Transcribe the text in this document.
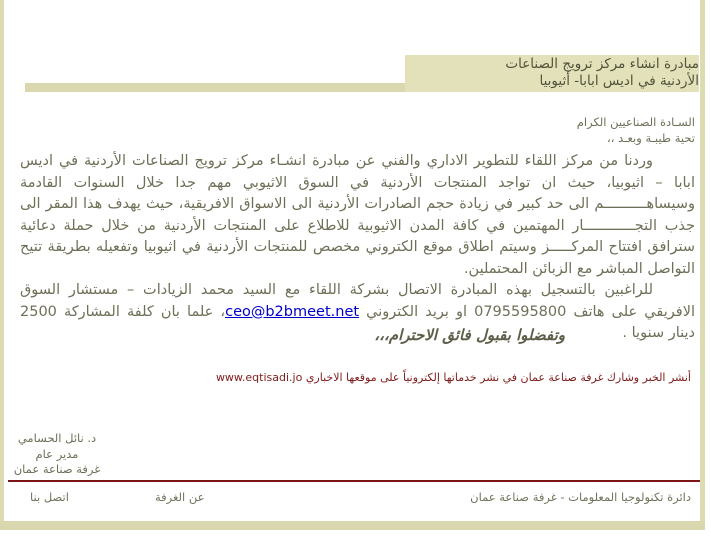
مبادرة انشاء مركز ترويج الصناعات
الأردنية في اديس ابابا- أثيوبيا
السـادة الصناعيين الكرام
تحية طيبـة وبعـد ،،

وردنا من مركز اللقاء للتطوير الاداري والفني عن مبادرة انشـاء مركز ترويج الصناعات الأردنية في اديس ابابا – اثيوبيا، حيث ان تواجد المنتجات الأردنية في السوق الاثيوبي مهم جدا خلال السنوات القادمة وسيساهــــــــــم الى حد كبير في زيادة حجم الصادرات الأردنية الى الاسواق الافريقية، حيث يهدف هذا المقر الى جذب التجــــــــــــار المهتمين في كافة المدن الاثيوبية للاطلاع على المنتجات الأردنية من خلال حملة دعائية سترافق افتتاح المركـــــز وسيتم اطلاق موقع الكتروني مخصص للمنتجات الأردنية في اثيوبيا وتفعيله بطريقة تتيح التواصل المباشر مع الزبائن المحتملين.

للراغبين بالتسجيل بهذه المبادرة الاتصال بشركة اللقاء مع السيد محمد الزيادات – مستشار السوق الافريقي على هاتف 0795595800 او بريد الكتروني ceo@b2bmeet.net، علما بان كلفة المشاركة 2500 دينار سنويا .

وتفضلوا بقبول فائق الاحترام،،،
أنشر الخبر وشارك غرفة صناعة عمان في نشر خدماتها إلكترونياً على موقعها الاخباري www.eqtisadi.jo
د. نائل الحسامي
مدير عام
غرفة صناعة عمان
دائرة تكنولوجيا المعلومات - غرفة صناعة عمان
عن الغرفة
اتصل بنا
